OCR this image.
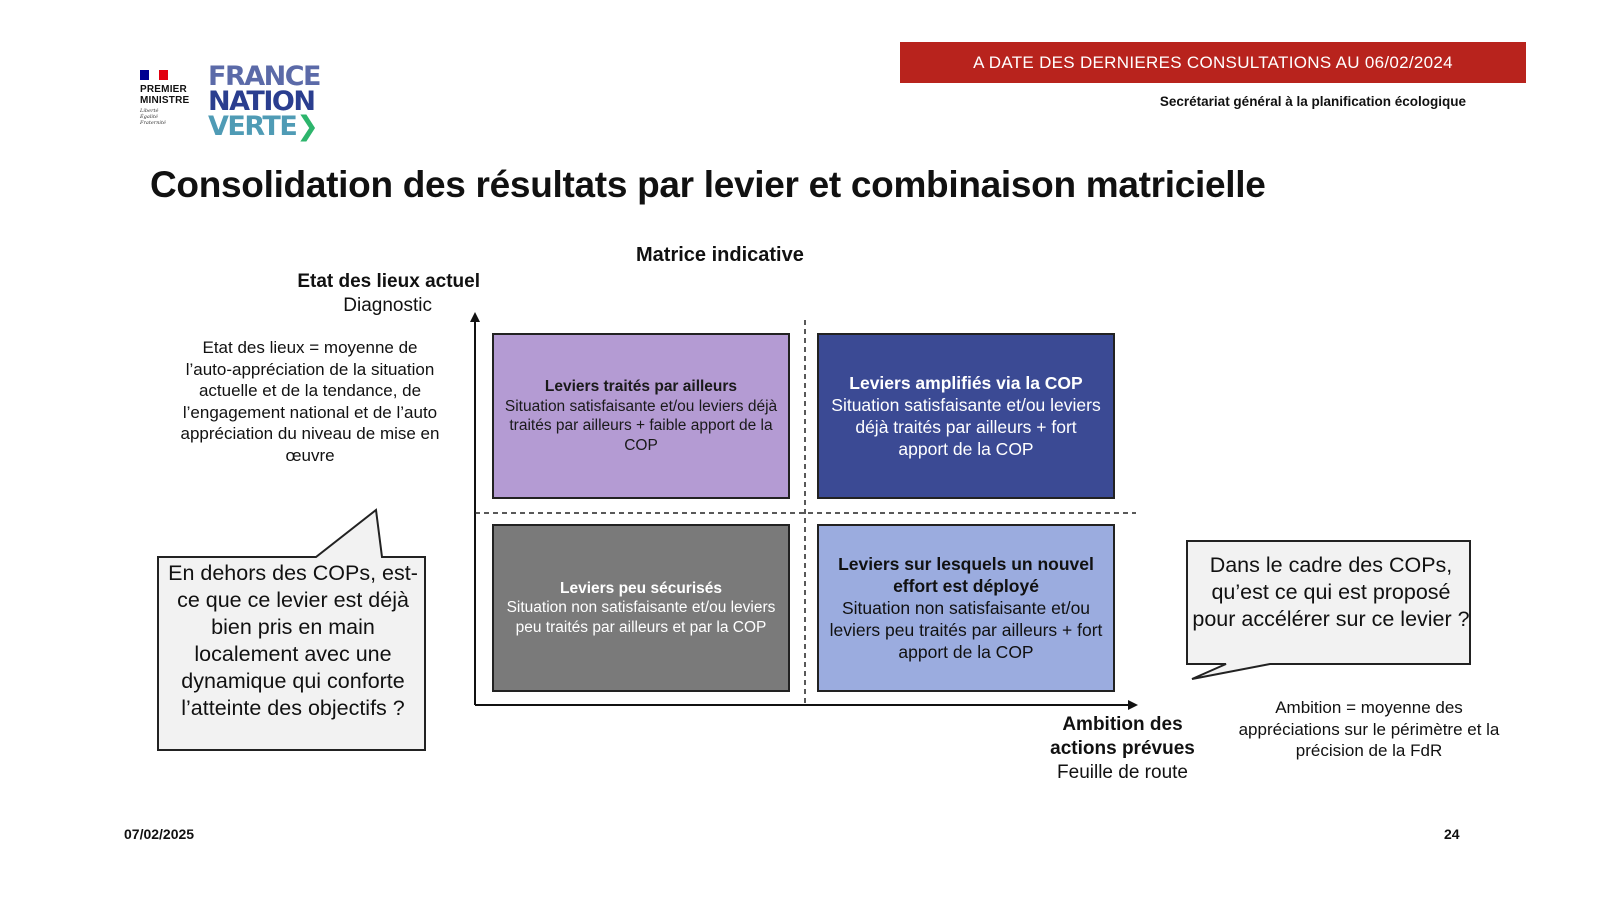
PREMIER
MINISTRE
Liberté
Égalité
Fraternité
FRANCE
NATION
VERTE❯
A DATE DES DERNIERES CONSULTATIONS AU 06/02/2024
Secrétariat général à la planification écologique
Consolidation des résultats par levier et combinaison matricielle
Matrice indicative
Etat des lieux actuel
Diagnostic
Etat des lieux = moyenne de l’auto-appréciation de la situation actuelle et de la tendance, de l’engagement national et de l’auto appréciation du niveau de mise en œuvre
En dehors des COPs, est-ce que ce levier est déjà bien pris en main localement avec une dynamique qui conforte l’atteinte des objectifs ?
Leviers traités par ailleurs
Situation satisfaisante et/ou leviers déjà traités par ailleurs + faible apport de la COP
Leviers amplifiés via la COP
Situation satisfaisante et/ou leviers déjà traités par ailleurs + fort apport de la COP
Leviers peu sécurisés
Situation non satisfaisante et/ou leviers peu traités par ailleurs et par la COP
Leviers sur lesquels un nouvel effort est déployé
Situation non satisfaisante et/ou leviers peu traités par ailleurs + fort apport de la COP
Dans le cadre des COPs, qu’est ce qui est proposé pour accélérer sur ce levier ?
Ambition des
actions prévues
Feuille de route
Ambition = moyenne des appréciations sur le périmètre et la précision de la FdR
07/02/2025	24
